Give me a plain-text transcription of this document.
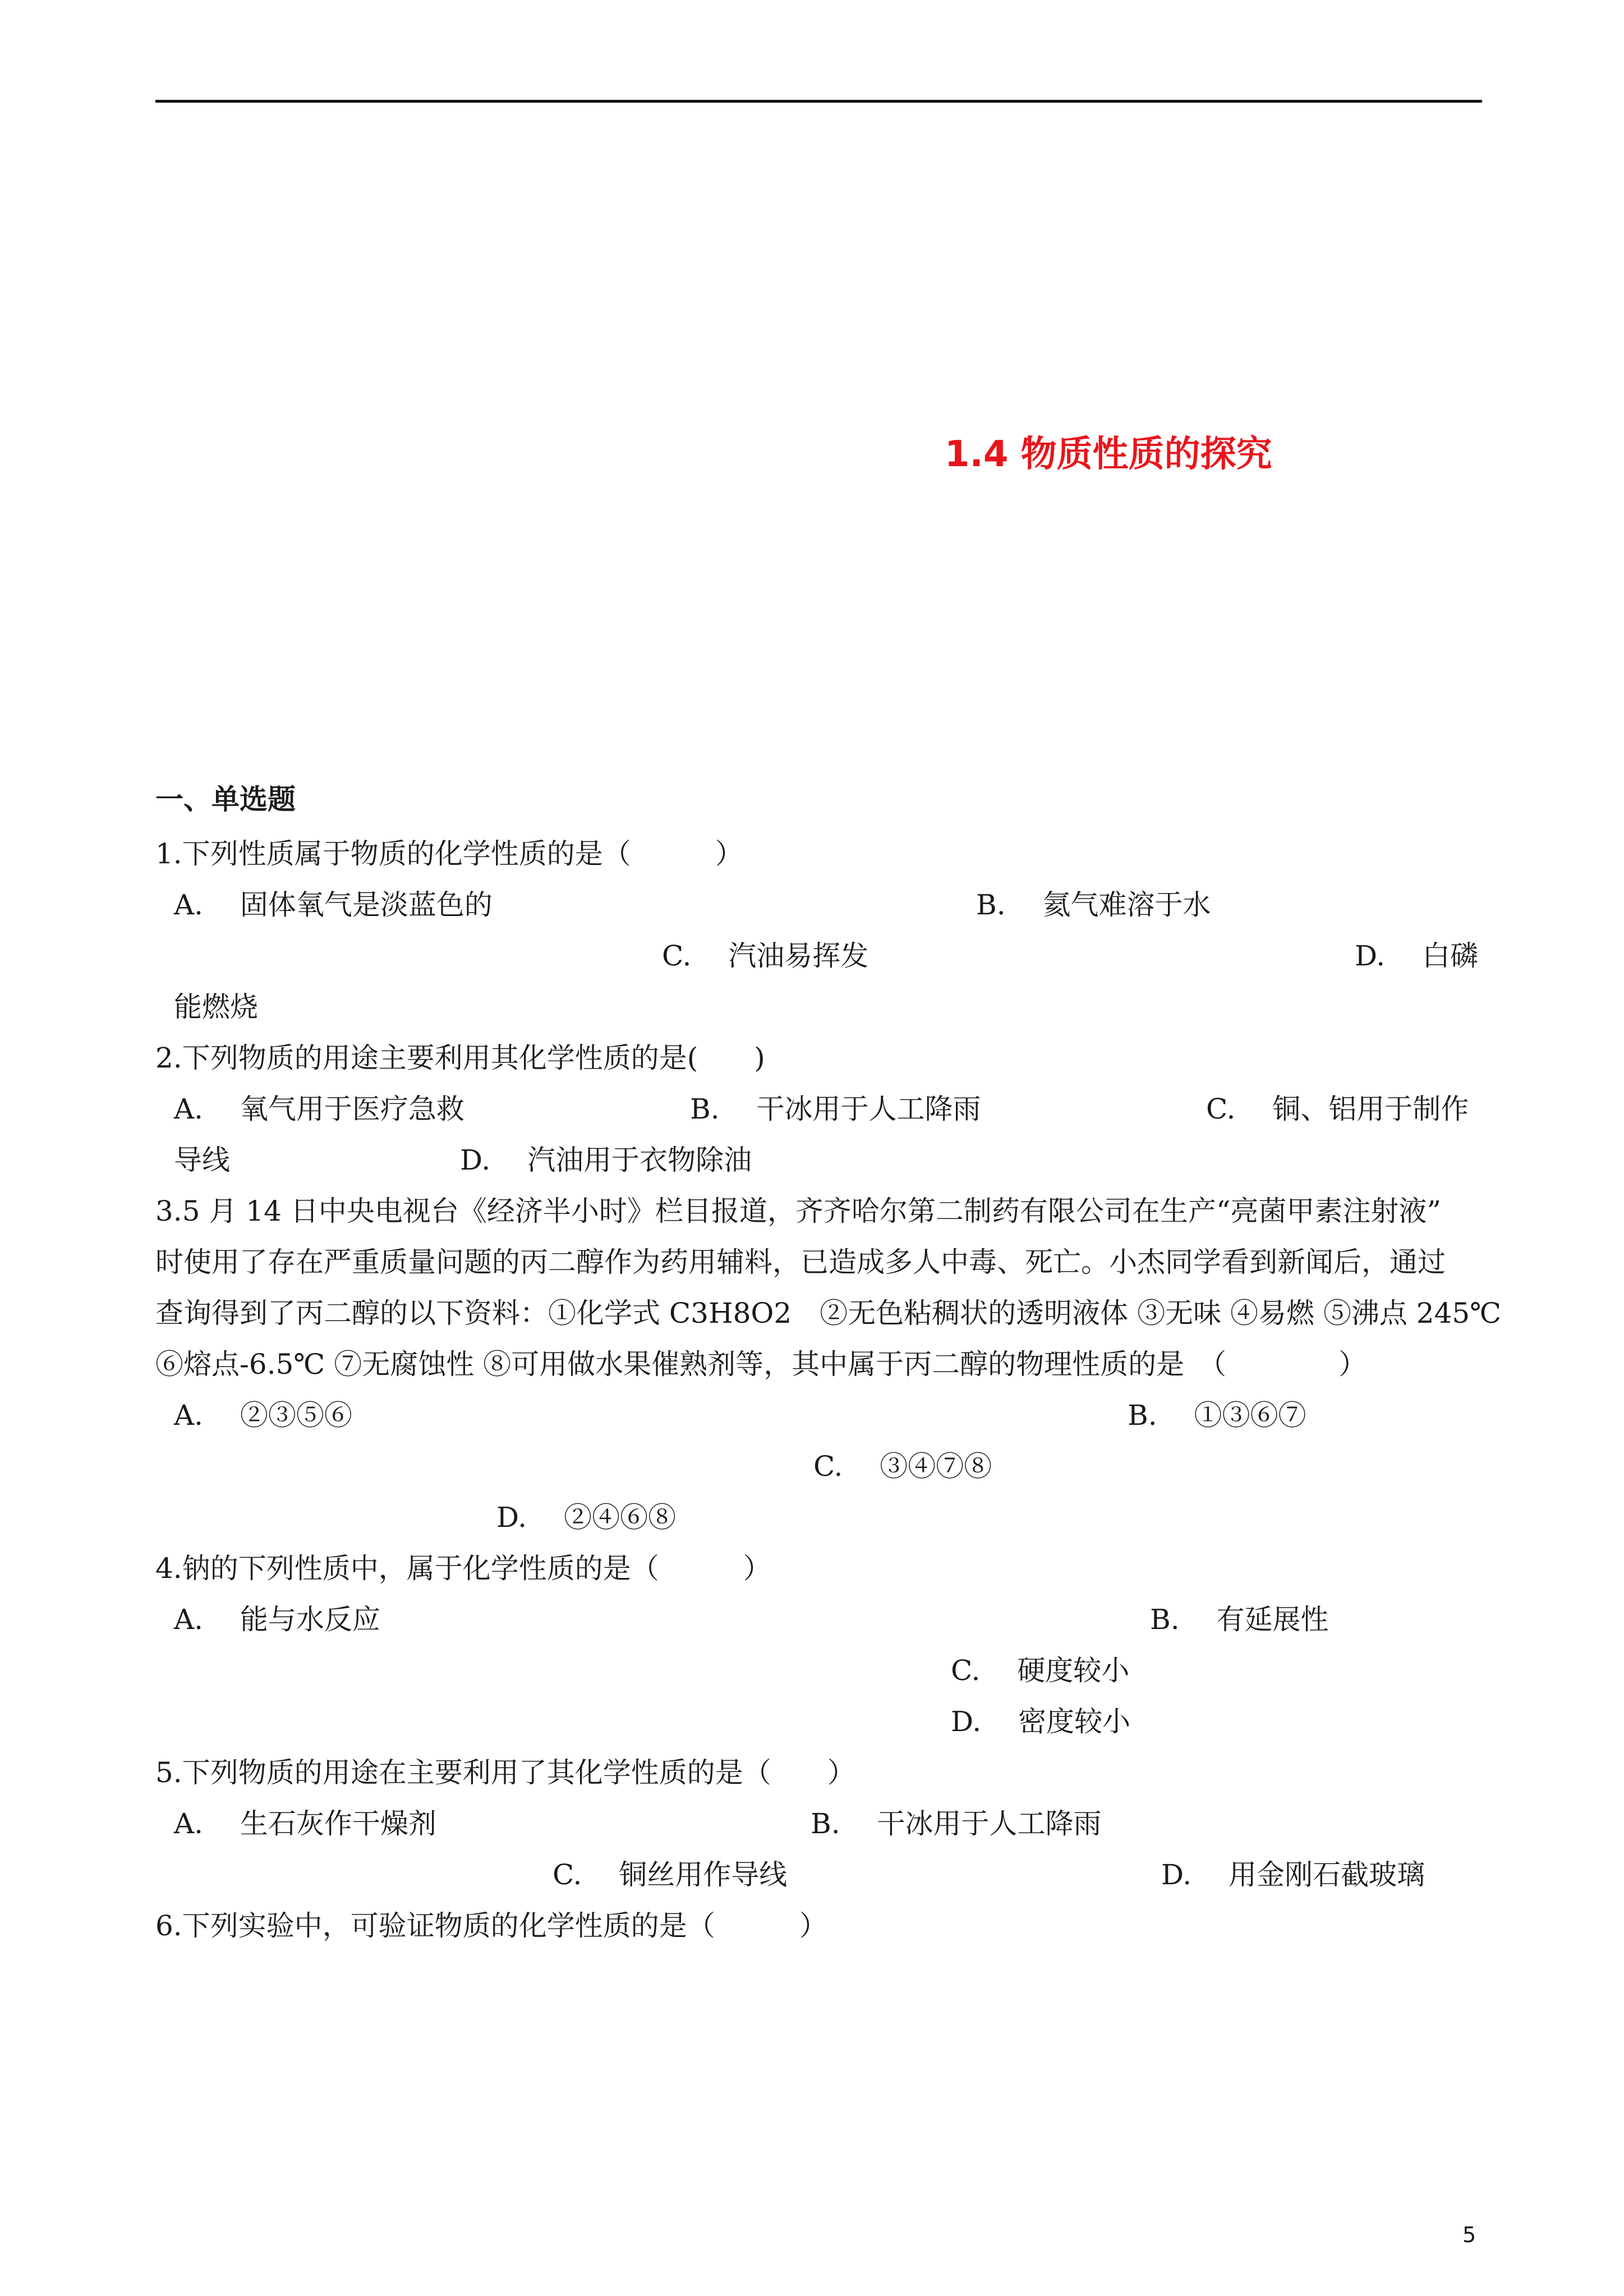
1.4 物质性质的探究
一、单选题
1.下列性质属于物质的化学性质的是（　　　）
A.　 固体氧气是淡蓝色的	B.　 氦气难溶于水
C.　 汽油易挥发	D.　 白磷
能燃烧
2.下列物质的用途主要利用其化学性质的是(　　)
A.　 氧气用于医疗急救	B.　 干冰用于人工降雨	C.　 铜、铝用于制作
导线	D.　 汽油用于衣物除油
3.5 月 14 日中央电视台《经济半小时》栏目报道，齐齐哈尔第二制药有限公司在生产“亮菌甲素注射液”
时使用了存在严重质量问题的丙二醇作为药用辅料，已造成多人中毒、死亡。小杰同学看到新闻后，通过
查询得到了丙二醇的以下资料：①化学式 C3H8O2　②无色粘稠状的透明液体 ③无味 ④易燃 ⑤沸点 245℃
⑥熔点-6.5℃ ⑦无腐蚀性 ⑧可用做水果催熟剂等，其中属于丙二醇的物理性质的是　（　　　　）
A.　 ②③⑤⑥	B.　 ①③⑥⑦
C.　 ③④⑦⑧
D.　 ②④⑥⑧
4.钠的下列性质中，属于化学性质的是（　　　）
A.　 能与水反应	B.　 有延展性
C.　 硬度较小
D.　 密度较小
5.下列物质的用途在主要利用了其化学性质的是（　　）
A.　 生石灰作干燥剂	B.　 干冰用于人工降雨
C.　 铜丝用作导线	D.　 用金刚石截玻璃
6.下列实验中，可验证物质的化学性质的是（　　　）
5
